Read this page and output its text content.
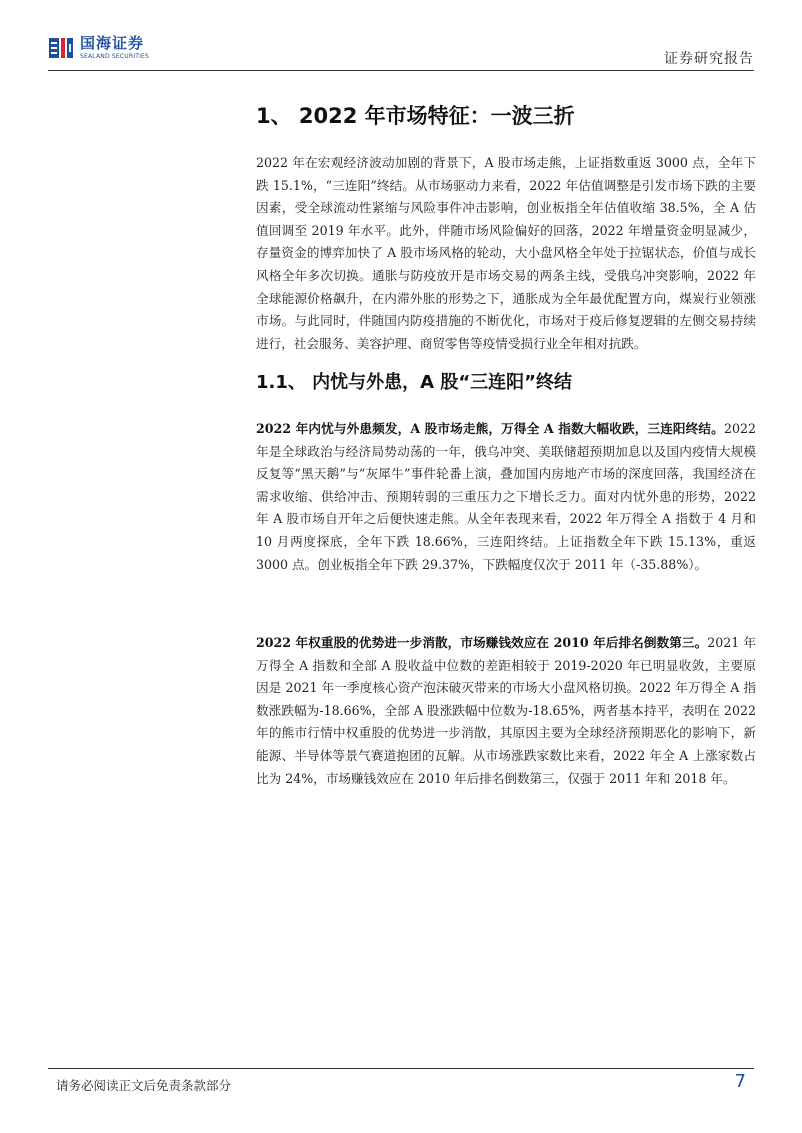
国海证券
SEALAND SECURITIES	证券研究报告
1、 2022 年市场特征：一波三折

2022 年在宏观经济波动加剧的背景下，A 股市场走熊，上证指数重返 3000 点，全年下跌 15.1%，“三连阳”终结。从市场驱动力来看，2022 年估值调整是引发市场下跌的主要因素，受全球流动性紧缩与风险事件冲击影响，创业板指全年估值收缩 38.5%，全 A 估值回调至 2019 年水平。此外，伴随市场风险偏好的回落，2022 年增量资金明显减少，存量资金的博弈加快了 A 股市场风格的轮动，大小盘风格全年处于拉锯状态，价值与成长风格全年多次切换。通胀与防疫放开是市场交易的两条主线，受俄乌冲突影响，2022 年全球能源价格飙升，在内滞外胀的形势之下，通胀成为全年最优配置方向，煤炭行业领涨市场。与此同时，伴随国内防疫措施的不断优化，市场对于疫后修复逻辑的左侧交易持续进行，社会服务、美容护理、商贸零售等疫情受损行业全年相对抗跌。

1.1、 内忧与外患，A 股“三连阳”终结

2022 年内忧与外患频发，A 股市场走熊，万得全 A 指数大幅收跌，三连阳终结。2022 年是全球政治与经济局势动荡的一年，俄乌冲突、美联储超预期加息以及国内疫情大规模反复等“黑天鹅”与“灰犀牛”事件轮番上演，叠加国内房地产市场的深度回落，我国经济在需求收缩、供给冲击、预期转弱的三重压力之下增长乏力。面对内忧外患的形势，2022 年 A 股市场自开年之后便快速走熊。从全年表现来看，2022 年万得全 A 指数于 4 月和 10 月两度探底，全年下跌 18.66%，三连阳终结。上证指数全年下跌 15.13%，重返 3000 点。创业板指全年下跌 29.37%，下跌幅度仅次于 2011 年（-35.88%）。

2022 年权重股的优势进一步消散，市场赚钱效应在 2010 年后排名倒数第三。2021 年万得全 A 指数和全部 A 股收益中位数的差距相较于 2019-2020 年已明显收敛，主要原因是 2021 年一季度核心资产泡沫破灭带来的市场大小盘风格切换。2022 年万得全 A 指数涨跌幅为-18.66%，全部 A 股涨跌幅中位数为-18.65%，两者基本持平，表明在 2022 年的熊市行情中权重股的优势进一步消散，其原因主要为全球经济预期恶化的影响下，新能源、半导体等景气赛道抱团的瓦解。从市场涨跌家数比来看，2022 年全 A 上涨家数占比为 24%，市场赚钱效应在 2010 年后排名倒数第三，仅强于 2011 年和 2018 年。

请务必阅读正文后免责条款部分	7
